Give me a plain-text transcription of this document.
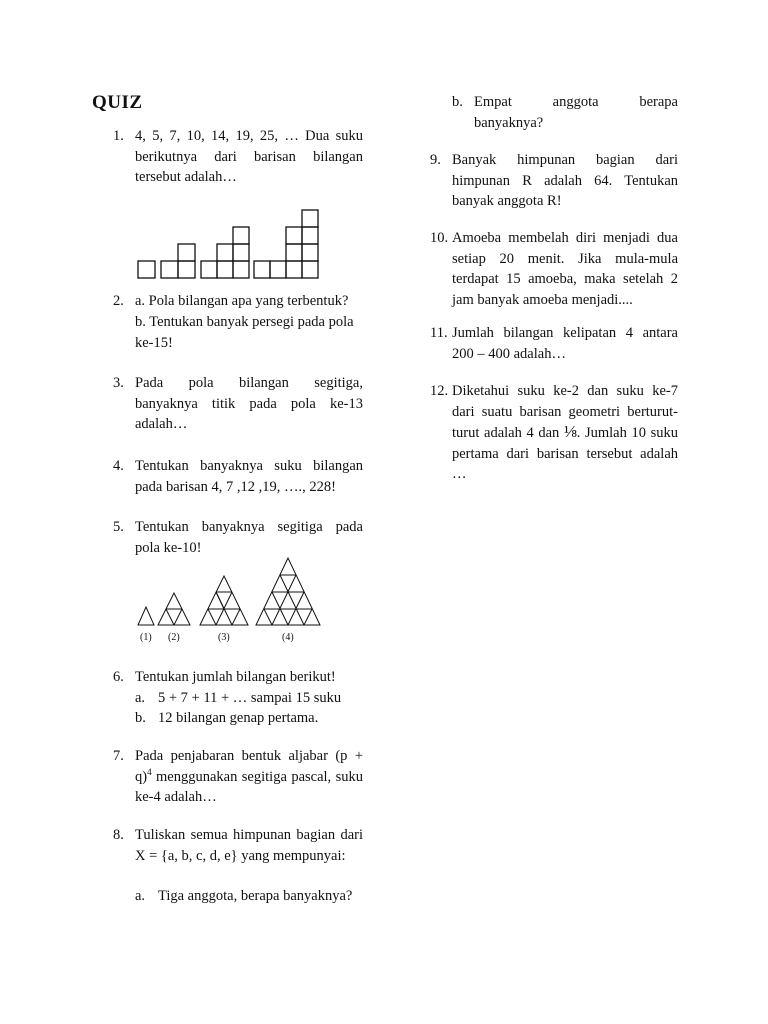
QUIZ
1. 4, 5, 7, 10, 14, 19, 25, … Dua suku berikutnya dari barisan bilangan tersebut adalah…
2. a. Pola bilangan apa yang terbentuk?
b. Tentukan banyak persegi pada pola ke-15!
3. Pada pola bilangan segitiga, banyaknya titik pada pola ke-13 adalah…
4. Tentukan banyaknya suku bilangan pada barisan 4, 7 ,12 ,19, …., 228!
5. Tentukan banyaknya segitiga pada pola ke-10!
(1) (2)	(3)	(4)
6. Tentukan jumlah bilangan berikut!
a. 5 + 7 + 11 + … sampai 15 suku
b. 12 bilangan genap pertama.
7. Pada penjabaran bentuk aljabar $(p + q)^4$ menggunakan segitiga pascal, suku ke-4 adalah…
8. Tuliskan semua himpunan bagian dari X = {a, b, c, d, e} yang mempunyai:
a. Tiga anggota, berapa banyaknya?
b. Empat anggota berapa
banyaknya?
9. Banyak himpunan bagian dari himpunan R adalah 64. Tentukan banyak anggota R!
10. Amoeba membelah diri menjadi dua setiap 20 menit. Jika mula-mula terdapat 15 amoeba, maka setelah 2 jam banyak amoeba menjadi....
11. Jumlah bilangan kelipatan 4 antara 200 – 400 adalah…
12. Diketahui suku ke-2 dan suku ke-7 dari suatu barisan geometri berturut-turut adalah 4 dan ⅛. Jumlah 10 suku pertama dari barisan tersebut adalah …
